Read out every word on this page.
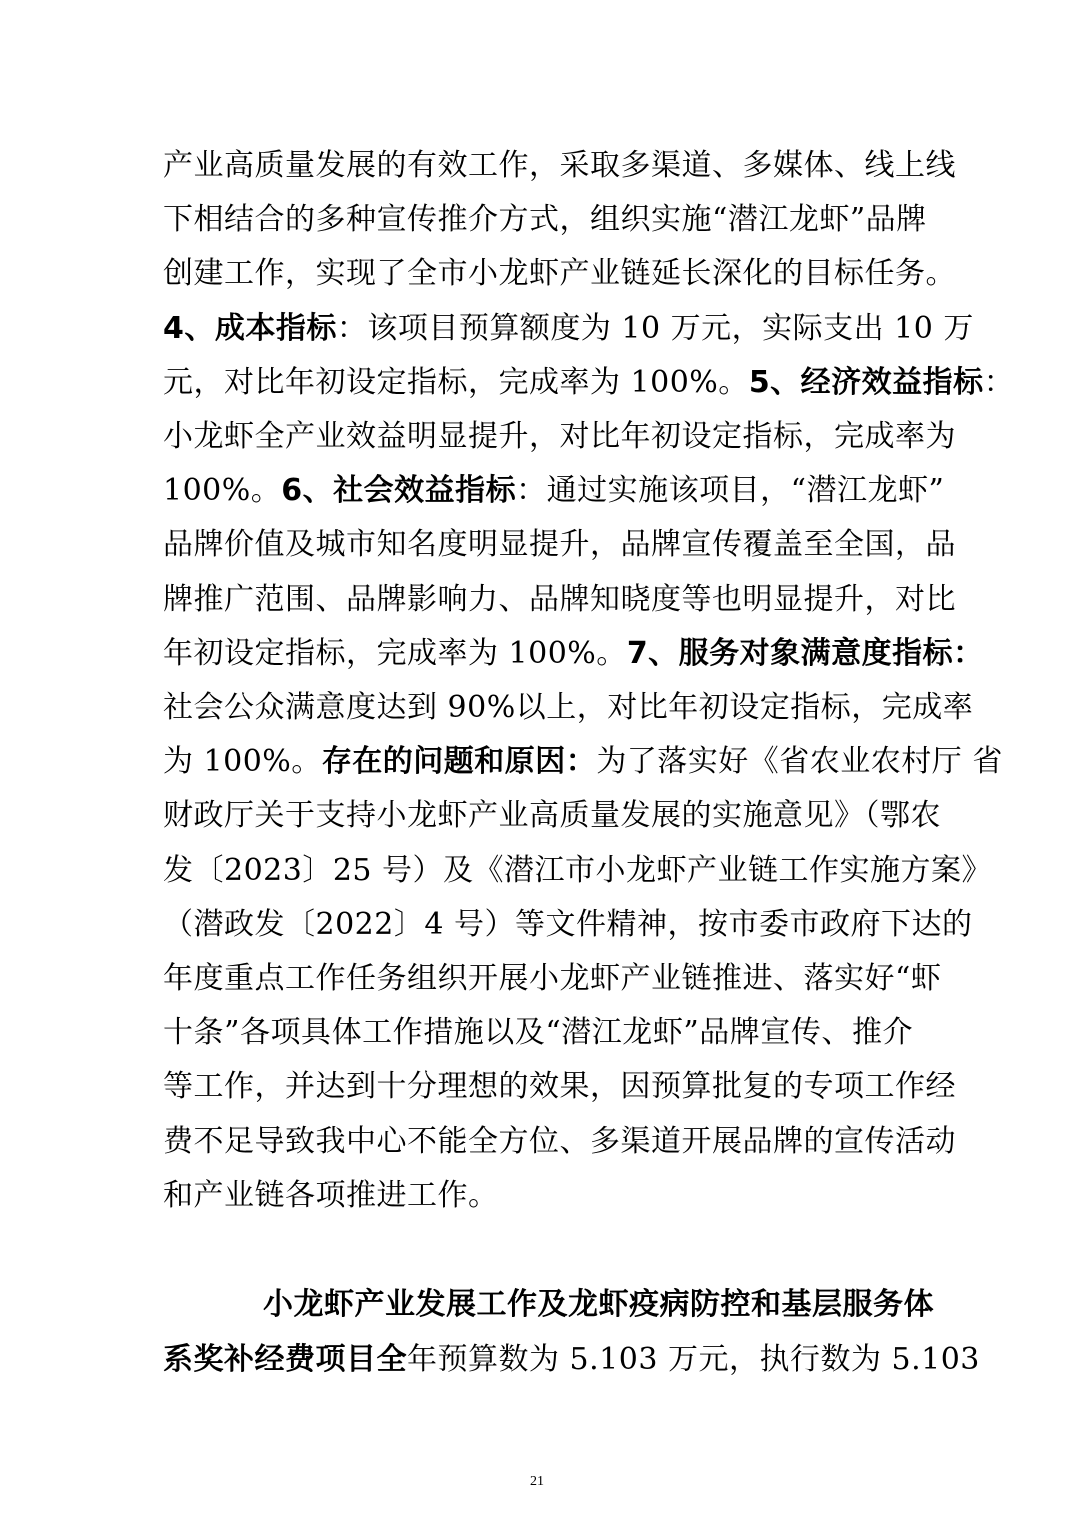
产业高质量发展的有效工作，采取多渠道、多媒体、线上线
下相结合的多种宣传推介方式，组织实施“潜江龙虾”品牌
创建工作，实现了全市小龙虾产业链延长深化的目标任务。
4、成本指标：该项目预算额度为 10 万元，实际支出 10 万
元，对比年初设定指标，完成率为 100%。5、经济效益指标：
小龙虾全产业效益明显提升，对比年初设定指标，完成率为
100%。6、社会效益指标：通过实施该项目，“潜江龙虾”
品牌价值及城市知名度明显提升，品牌宣传覆盖至全国，品
牌推广范围、品牌影响力、品牌知晓度等也明显提升，对比
年初设定指标，完成率为 100%。7、服务对象满意度指标：
社会公众满意度达到 90%以上，对比年初设定指标，完成率
为 100%。存在的问题和原因：为了落实好《省农业农村厅 省
财政厅关于支持小龙虾产业高质量发展的实施意见》（鄂农
发〔2023〕25 号）及《潜江市小龙虾产业链工作实施方案》
（潜政发〔2022〕4 号）等文件精神，按市委市政府下达的
年度重点工作任务组织开展小龙虾产业链推进、落实好“虾
十条”各项具体工作措施以及“潜江龙虾”品牌宣传、推介
等工作，并达到十分理想的效果，因预算批复的专项工作经
费不足导致我中心不能全方位、多渠道开展品牌的宣传活动
和产业链各项推进工作。
小龙虾产业发展工作及龙虾疫病防控和基层服务体
系奖补经费项目全年预算数为 5.103 万元，执行数为 5.103
21
